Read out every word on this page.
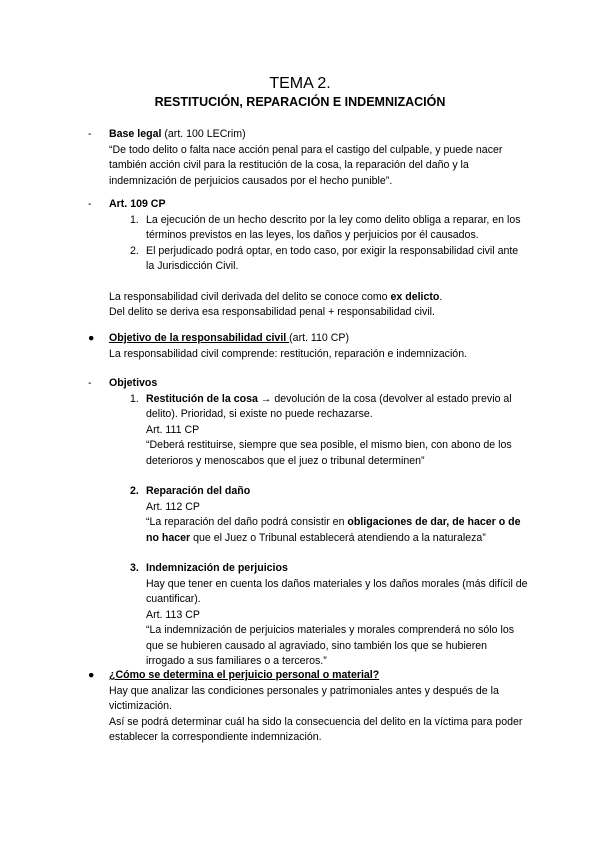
TEMA 2.
RESTITUCIÓN, REPARACIÓN E INDEMNIZACIÓN
-	Base legal (art. 100 LECrim)

“De todo delito o falta nace acción penal para el castigo del culpable, y puede nacer también acción civil para la restitución de la cosa, la reparación del daño y la indemnización de perjuicios causados por el hecho punible”.

-	Art. 109 CP

1. La ejecución de un hecho descrito por la ley como delito obliga a reparar, en los términos previstos en las leyes, los daños y perjuicios por él causados.
2. El perjudicado podrá optar, en todo caso, por exigir la responsabilidad civil ante la Jurisdicción Civil.

La responsabilidad civil derivada del delito se conoce como ex delicto.

Del delito se deriva esa responsabilidad penal + responsabilidad civil.

●	Objetivo de la responsabilidad civil (art. 110 CP)

La responsabilidad civil comprende: restitución, reparación e indemnización.

-	Objetivos

1. Restitución de la cosa → devolución de la cosa (devolver al estado previo al delito). Prioridad, si existe no puede rechazarse.

Art. 111 CP

“Deberá restituirse, siempre que sea posible, el mismo bien, con abono de los deterioros y menoscabos que el juez o tribunal determinen”

2. Reparación del daño

Art. 112 CP

“La reparación del daño podrá consistir en obligaciones de dar, de hacer o de no hacer que el Juez o Tribunal establecerá atendiendo a la naturaleza”

3. Indemnización de perjuicios

Hay que tener en cuenta los daños materiales y los daños morales (más difícil de cuantificar).

Art. 113 CP

“La indemnización de perjuicios materiales y morales comprenderá no sólo los que se hubieren causado al agraviado, sino también los que se hubieren irrogado a sus familiares o a terceros.”

●	¿Cómo se determina el perjuicio personal o material?

Hay que analizar las condiciones personales y patrimoniales antes y después de la victimización.

Así se podrá determinar cuál ha sido la consecuencia del delito en la víctima para poder establecer la correspondiente indemnización.
